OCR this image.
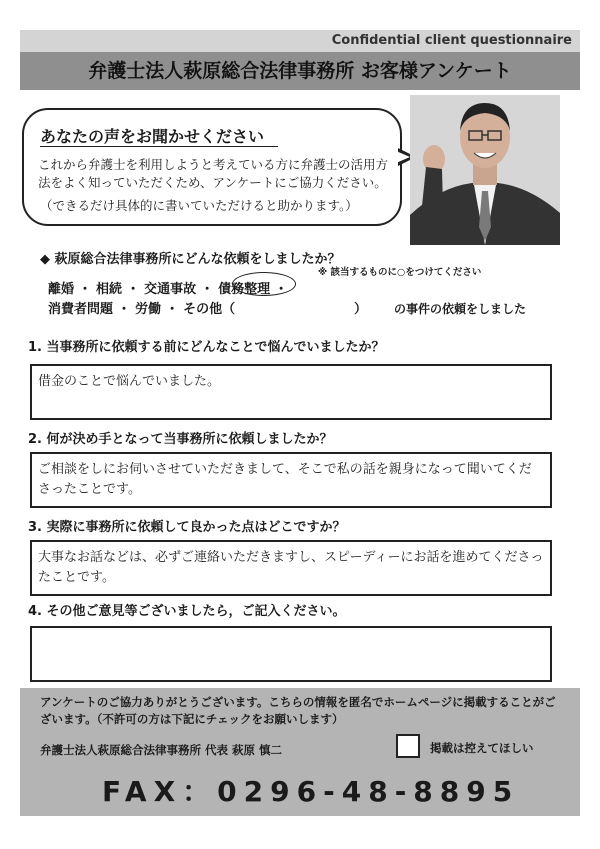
Confidential client questionnaire
弁護士法人萩原総合法律事務所 お客様アンケート
あなたの声をお聞かせください
これから弁護士を利用しようと考えている方に弁護士の活用方法をよく知っていただくため、アンケートにご協力ください。
（できるだけ具体的に書いていただけると助かります。）
◆ 萩原総合法律事務所にどんな依頼をしましたか？
※ 該当するものに○をつけてください
離婚 ・ 相続 ・ 交通事故 ・ 債務整理 ・
消費者問題 ・ 労働 ・ その他（	） の事件の依頼をしました
1. 当事務所に依頼する前にどんなことで悩んでいましたか？
借金のことで悩んでいました。
2. 何が決め手となって当事務所に依頼しましたか？
ご相談をしにお伺いさせていただきまして、そこで私の話を親身になって聞いてくださったことです。
3. 実際に事務所に依頼して良かった点はどこですか？
大事なお話などは、必ずご連絡いただきますし、スピーディーにお話を進めてくださったことです。
4. その他ご意見等ございましたら，ご記入ください。
アンケートのご協力ありがとうございます。こちらの情報を匿名でホームページに掲載することがございます。（不許可の方は下記にチェックをお願いします）
弁護士法人萩原総合法律事務所 代表 萩原 慎二	掲載は控えてほしい
FAX：0296-48-8895
